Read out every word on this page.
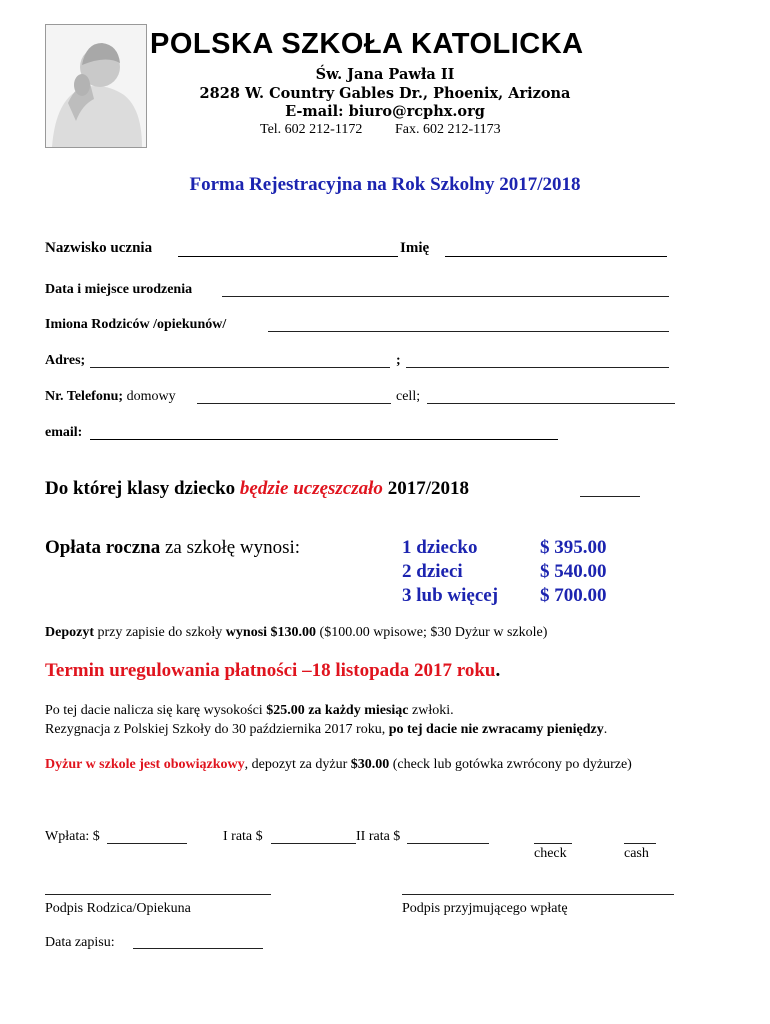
POLSKA SZKOŁA KATOLICKA
Św. Jana Pawła II
2828 W. Country Gables Dr., Phoenix, Arizona
E-mail: biuro@rcphx.org
Tel. 602 212-1172 Fax. 602 212-1173
Forma Rejestracyjna na Rok Szkolny 2017/2018
Nazwisko ucznia	Imię
Data i miejsce urodzenia
Imiona Rodziców /opiekunów/
Adres;	;
Nr. Telefonu; domowy	cell;
email:
Do której klasy dziecko będzie uczęszczało 2017/2018
Opłata roczna za szkołę wynosi:	1 dziecko	$ 395.00
2 dzieci	$ 540.00
3 lub więcej $ 700.00
Depozyt przy zapisie do szkoły wynosi $130.00 ($100.00 wpisowe; $30 Dyżur w szkole)
Termin uregulowania płatności –18 listopada 2017 roku.
Po tej dacie nalicza się karę wysokości $25.00 za każdy miesiąc zwłoki.
Rezygnacja z Polskiej Szkoły do 30 października 2017 roku, po tej dacie nie zwracamy pieniędzy.
Dyżur w szkole jest obowiązkowy, depozyt za dyżur $30.00 (check lub gotówka zwrócony po dyżurze)
Wpłata: $	I rata $	II rata $
check	cash
Podpis Rodzica/Opiekuna	Podpis przyjmującego wpłatę
Data zapisu:
